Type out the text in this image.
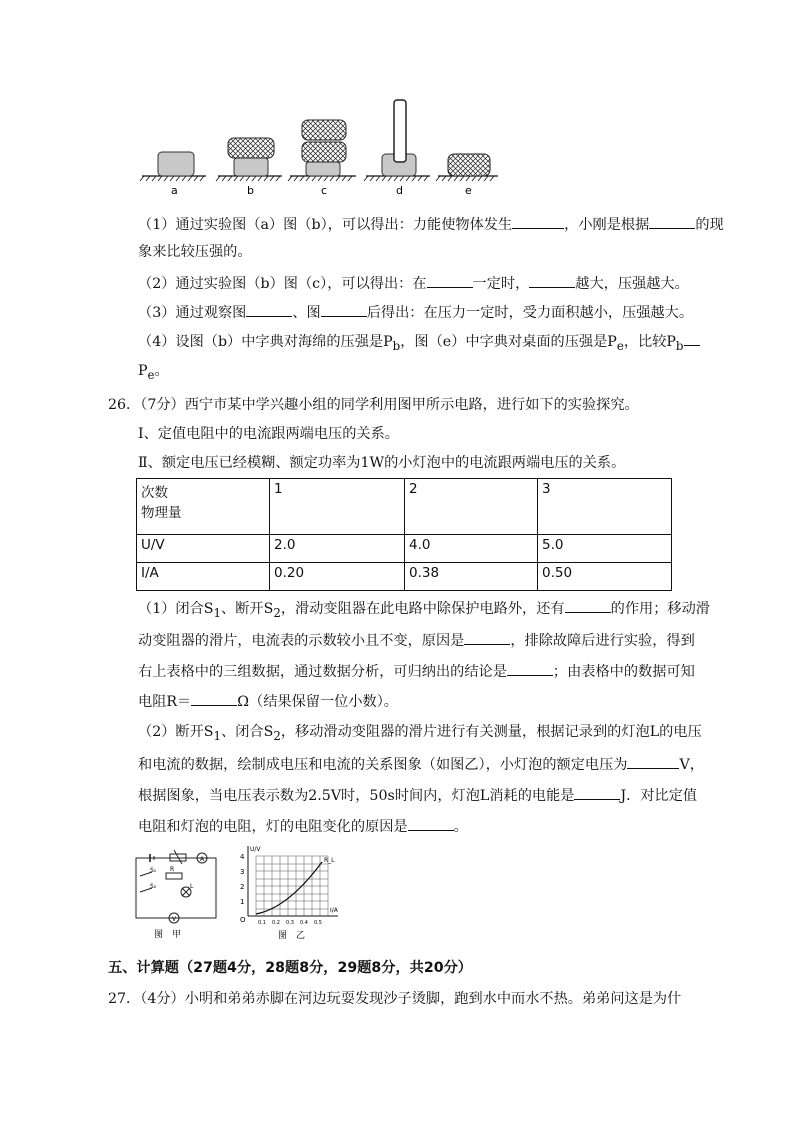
a	b	c	d	e
（1）通过实验图（a）图（b），可以得出：力能使物体发生	，小刚是根据	的现
象来比较压强的。
（2）通过实验图（b）图（c），可以得出：在	一定时，	越大，压强越大。
（3）通过观察图	、图	后得出：在压力一定时，受力面积越小，压强越大。
（4）设图（b）中字典对海绵的压强是$P_b$，图（e）中字典对桌面的压强是$P_e$，比较$P_b$
$P_e$。
26．（7分）西宁市某中学兴趣小组的同学利用图甲所示电路，进行如下的实验探究。
Ⅰ、定值电阻中的电流跟两端电压的关系。
Ⅱ、额定电压已经模糊、额定功率为1W的小灯泡中的电流跟两端电压的关系。
次数
物理量	1	2	3
U/V	2.0	4.0	5.0
I/A	0.20	0.38	0.50
（1）闭合$S_1$、断开$S_2$，滑动变阻器在此电路中除保护电路外，还有	的作用；移动滑
动变阻器的滑片，电流表的示数较小且不变，原因是	，排除故障后进行实验，得到
右上表格中的三组数据，通过数据分析，可归纳出的结论是	；由表格中的数据可知
电阻R＝	Ω（结果保留一位小数）。
（2）断开$S_1$、闭合$S_2$，移动滑动变阻器的滑片进行有关测量，根据记录到的灯泡L的电压
和电流的数据，绘制成电压和电流的关系图象（如图乙），小灯泡的额定电压为	V，
根据图象，当电压表示数为2.5V时，50s时间内，灯泡L消耗的电能是	J．对比定值
电阻和灯泡的电阻，灯的电阻变化的原因是	。
A
V
S₁
S₂
R
L
图　甲
U/V
I/A
R_L
4
3
2
1
O 0.1 0.2 0.3 0.4 0.5
图　乙
五、计算题（27题4分，28题8分，29题8分，共20分）
27．（4分）小明和弟弟赤脚在河边玩耍发现沙子烫脚，跑到水中而水不热。弟弟问这是为什
